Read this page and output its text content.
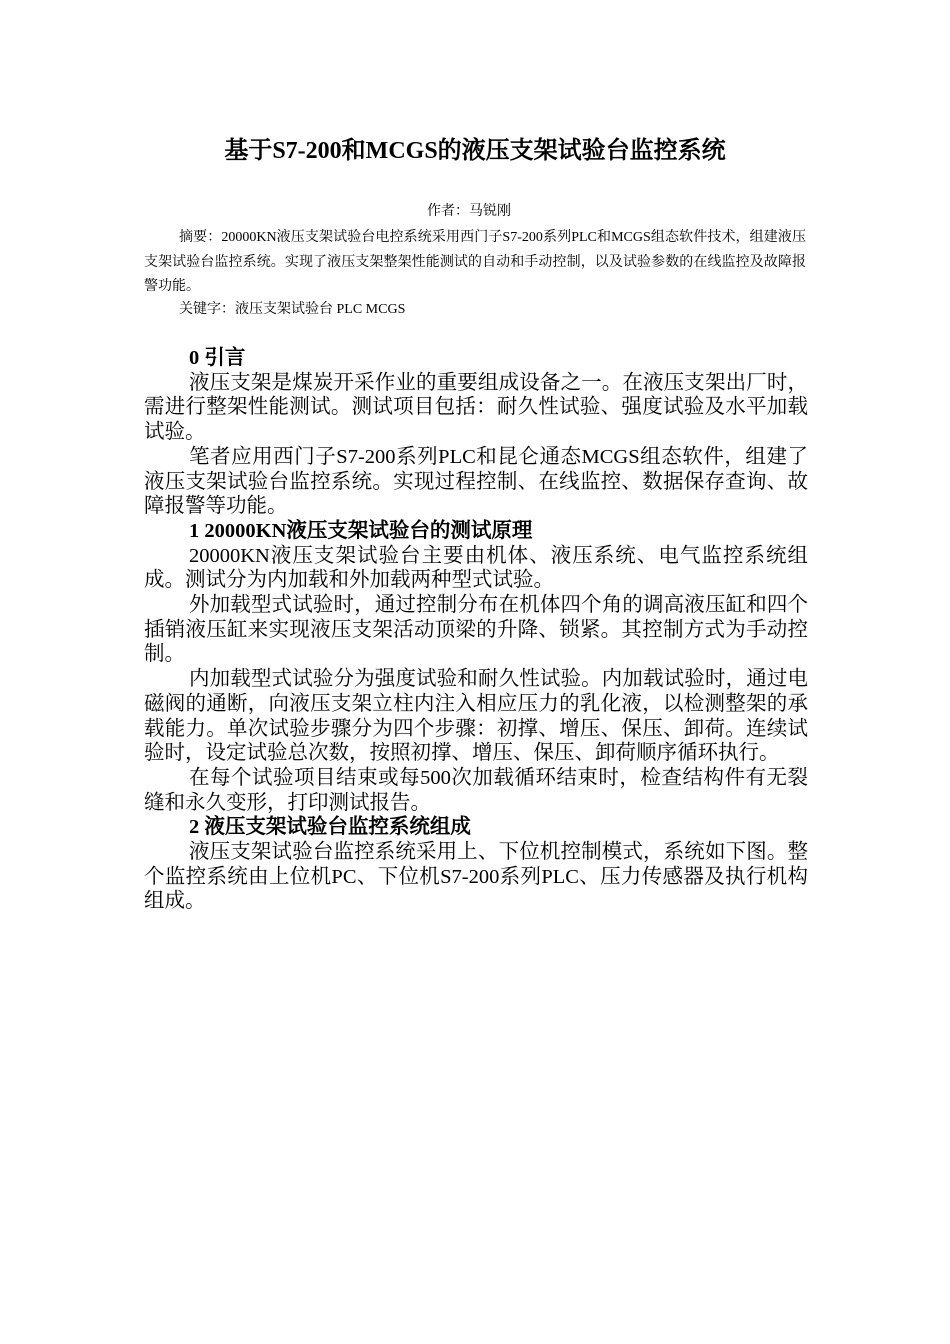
基于S7-200和MCGS的液压支架试验台监控系统
作者：马锐刚

摘要：20000KN液压支架试验台电控系统采用西门子S7-200系列PLC和MCGS组态软件技术，组建液压支架试验台监控系统。实现了液压支架整架性能测试的自动和手动控制，以及试验参数的在线监控及故障报警功能。

关键字：液压支架试验台 PLC MCGS
0 引言

液压支架是煤炭开采作业的重要组成设备之一。在液压支架出厂时，需进行整架性能测试。测试项目包括：耐久性试验、强度试验及水平加载试验。

笔者应用西门子S7-200系列PLC和昆仑通态MCGS组态软件，组建了液压支架试验台监控系统。实现过程控制、在线监控、数据保存查询、故障报警等功能。

1 20000KN液压支架试验台的测试原理

20000KN液压支架试验台主要由机体、液压系统、电气监控系统组成。测试分为内加载和外加载两种型式试验。

外加载型式试验时，通过控制分布在机体四个角的调高液压缸和四个插销液压缸来实现液压支架活动顶梁的升降、锁紧。其控制方式为手动控制。

内加载型式试验分为强度试验和耐久性试验。内加载试验时，通过电磁阀的通断，向液压支架立柱内注入相应压力的乳化液，以检测整架的承载能力。单次试验步骤分为四个步骤：初撑、增压、保压、卸荷。连续试验时，设定试验总次数，按照初撑、增压、保压、卸荷顺序循环执行。

在每个试验项目结束或每500次加载循环结束时，检查结构件有无裂缝和永久变形，打印测试报告。

2 液压支架试验台监控系统组成

液压支架试验台监控系统采用上、下位机控制模式，系统如下图。整个监控系统由上位机PC、下位机S7-200系列PLC、压力传感器及执行机构组成。
